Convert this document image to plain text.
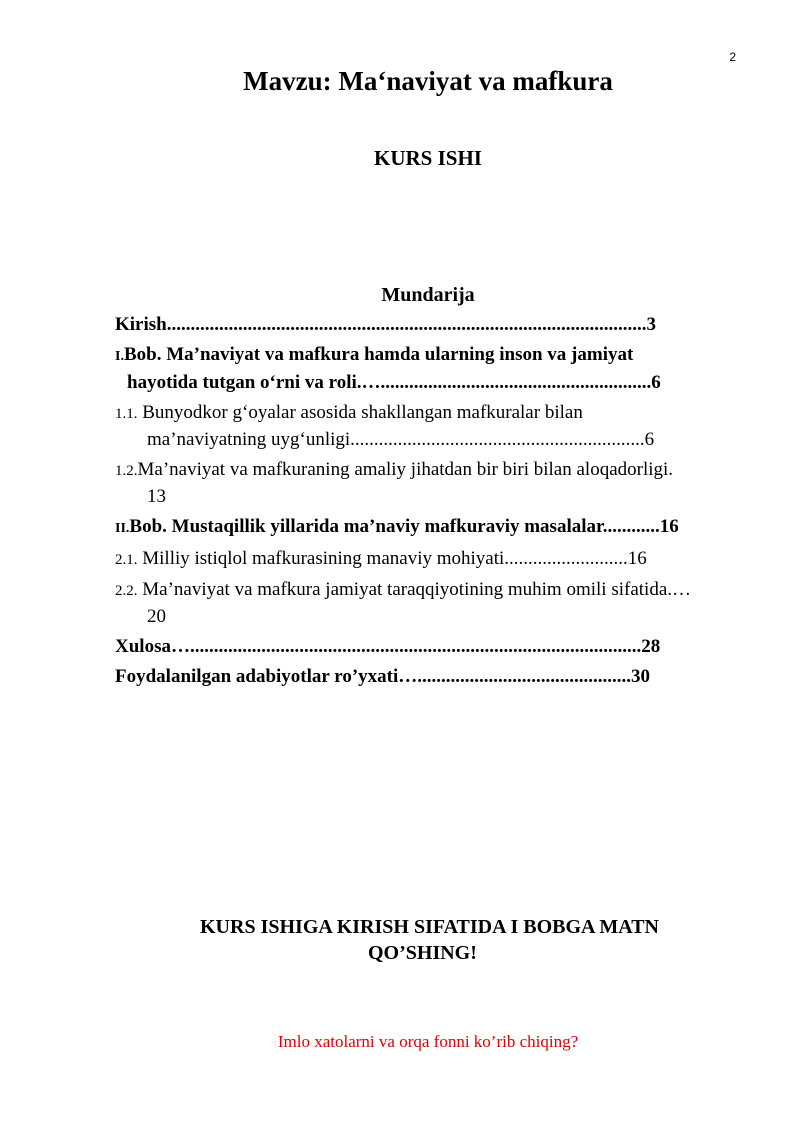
2
Mavzu: Ma‘naviyat va mafkura
KURS ISHI
Mundarija
Kirish.....................................................................................................3
I.Bob. Ma’naviyat va mafkura hamda ularning inson va jamiyat
hayotida tutgan o‘rni va roli.….........................................................6
1.1. Bunyodkor g‘oyalar asosida shakllangan mafkuralar bilan
ma’naviyatning uyg‘unligi..............................................................6
1.2.Ma’naviyat va mafkuraning amaliy jihatdan bir biri bilan aloqadorligi.
13
II.Bob. Mustaqillik yillarida ma’naviy mafkuraviy masalalar............16
2.1. Milliy istiqlol mafkurasining manaviy mohiyati..........................16
2.2. Ma’naviyat va mafkura jamiyat taraqqiyotining muhim omili sifatida.…
20
Xulosa…...............................................................................................28
Foydalanilgan adabiyotlar ro’yxati….............................................30
KURS ISHIGA KIRISH SIFATIDA I BOBGA MATN
QO’SHING!
Imlo xatolarni va orqa fonni ko’rib chiqing?
